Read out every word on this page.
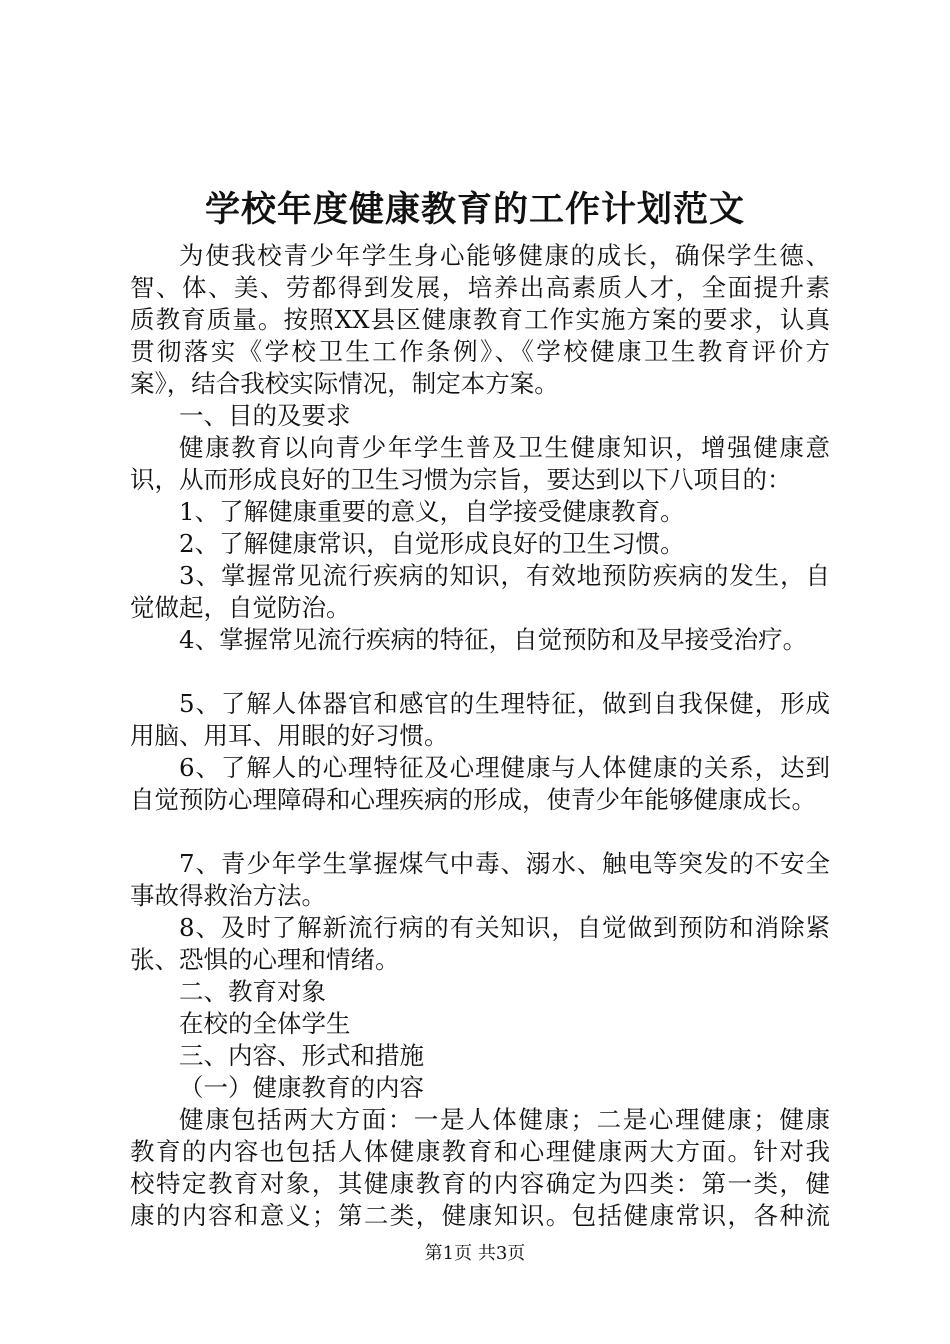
学校年度健康教育的工作计划范文

为使我校青少年学生身心能够健康的成长，确保学生德、

智、体、美、劳都得到发展，培养出高素质人才，全面提升素

质教育质量。按照XX县区健康教育工作实施方案的要求，认真

贯彻落实《学校卫生工作条例》、《学校健康卫生教育评价方

案》，结合我校实际情况，制定本方案。

一、目的及要求

健康教育以向青少年学生普及卫生健康知识，增强健康意

识，从而形成良好的卫生习惯为宗旨，要达到以下八项目的：

1、了解健康重要的意义，自学接受健康教育。

2、了解健康常识，自觉形成良好的卫生习惯。

3、掌握常见流行疾病的知识，有效地预防疾病的发生，自

觉做起，自觉防治。

4、掌握常见流行疾病的特征，自觉预防和及早接受治疗。

5、了解人体器官和感官的生理特征，做到自我保健，形成

用脑、用耳、用眼的好习惯。

6、了解人的心理特征及心理健康与人体健康的关系，达到

自觉预防心理障碍和心理疾病的形成，使青少年能够健康成长。

7、青少年学生掌握煤气中毒、溺水、触电等突发的不安全

事故得救治方法。

8、及时了解新流行病的有关知识，自觉做到预防和消除紧

张、恐惧的心理和情绪。

二、教育对象

在校的全体学生

三、内容、形式和措施

（一）健康教育的内容

健康包括两大方面：一是人体健康；二是心理健康；健康

教育的内容也包括人体健康教育和心理健康两大方面。针对我

校特定教育对象，其健康教育的内容确定为四类：第一类，健

康的内容和意义；第二类，健康知识。包括健康常识，各种流

第1页 共3页
